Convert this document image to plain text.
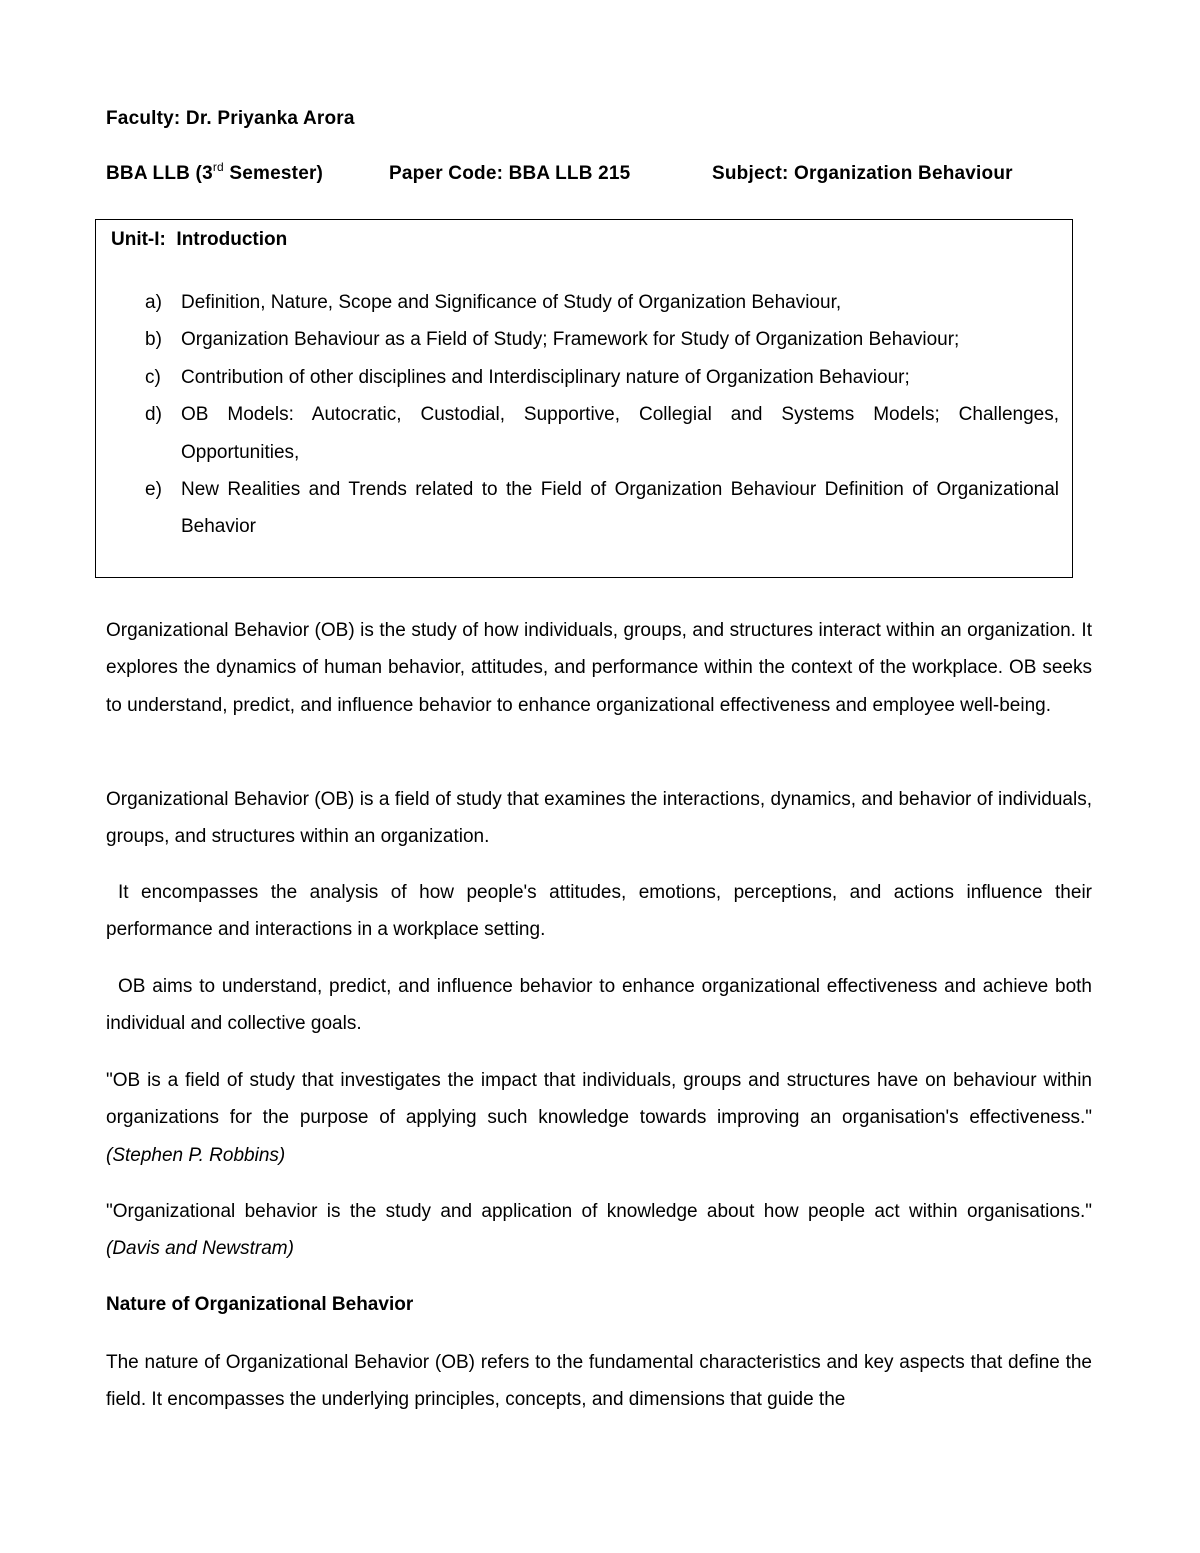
Faculty: Dr. Priyanka Arora
BBA LLB (3rd Semester)	Paper Code: BBA LLB 215	Subject: Organization Behaviour
Unit-I:  Introduction
a) Definition, Nature, Scope and Significance of Study of Organization Behaviour,
b) Organization Behaviour as a Field of Study; Framework for Study of Organization Behaviour;
c) Contribution of other disciplines and Interdisciplinary nature of Organization Behaviour;
d) OB Models: Autocratic, Custodial, Supportive, Collegial and Systems Models; Challenges, Opportunities,
e) New Realities and Trends related to the Field of Organization Behaviour Definition of Organizational Behavior

Organizational Behavior (OB) is the study of how individuals, groups, and structures interact within an organization. It explores the dynamics of human behavior, attitudes, and performance within the context of the workplace. OB seeks to understand, predict, and influence behavior to enhance organizational effectiveness and employee well-being.

Organizational Behavior (OB) is a field of study that examines the interactions, dynamics, and behavior of individuals, groups, and structures within an organization.

It encompasses the analysis of how people's attitudes, emotions, perceptions, and actions influence their performance and interactions in a workplace setting.

OB aims to understand, predict, and influence behavior to enhance organizational effectiveness and achieve both individual and collective goals.

"OB is a field of study that investigates the impact that individuals, groups and structures have on behaviour within organizations for the purpose of applying such knowledge towards improving an organisation's effectiveness." (Stephen P. Robbins)

"Organizational behavior is the study and application of knowledge about how people act within organisations." (Davis and Newstram)

Nature of Organizational Behavior

The nature of Organizational Behavior (OB) refers to the fundamental characteristics and key aspects that define the field. It encompasses the underlying principles, concepts, and dimensions that guide the
